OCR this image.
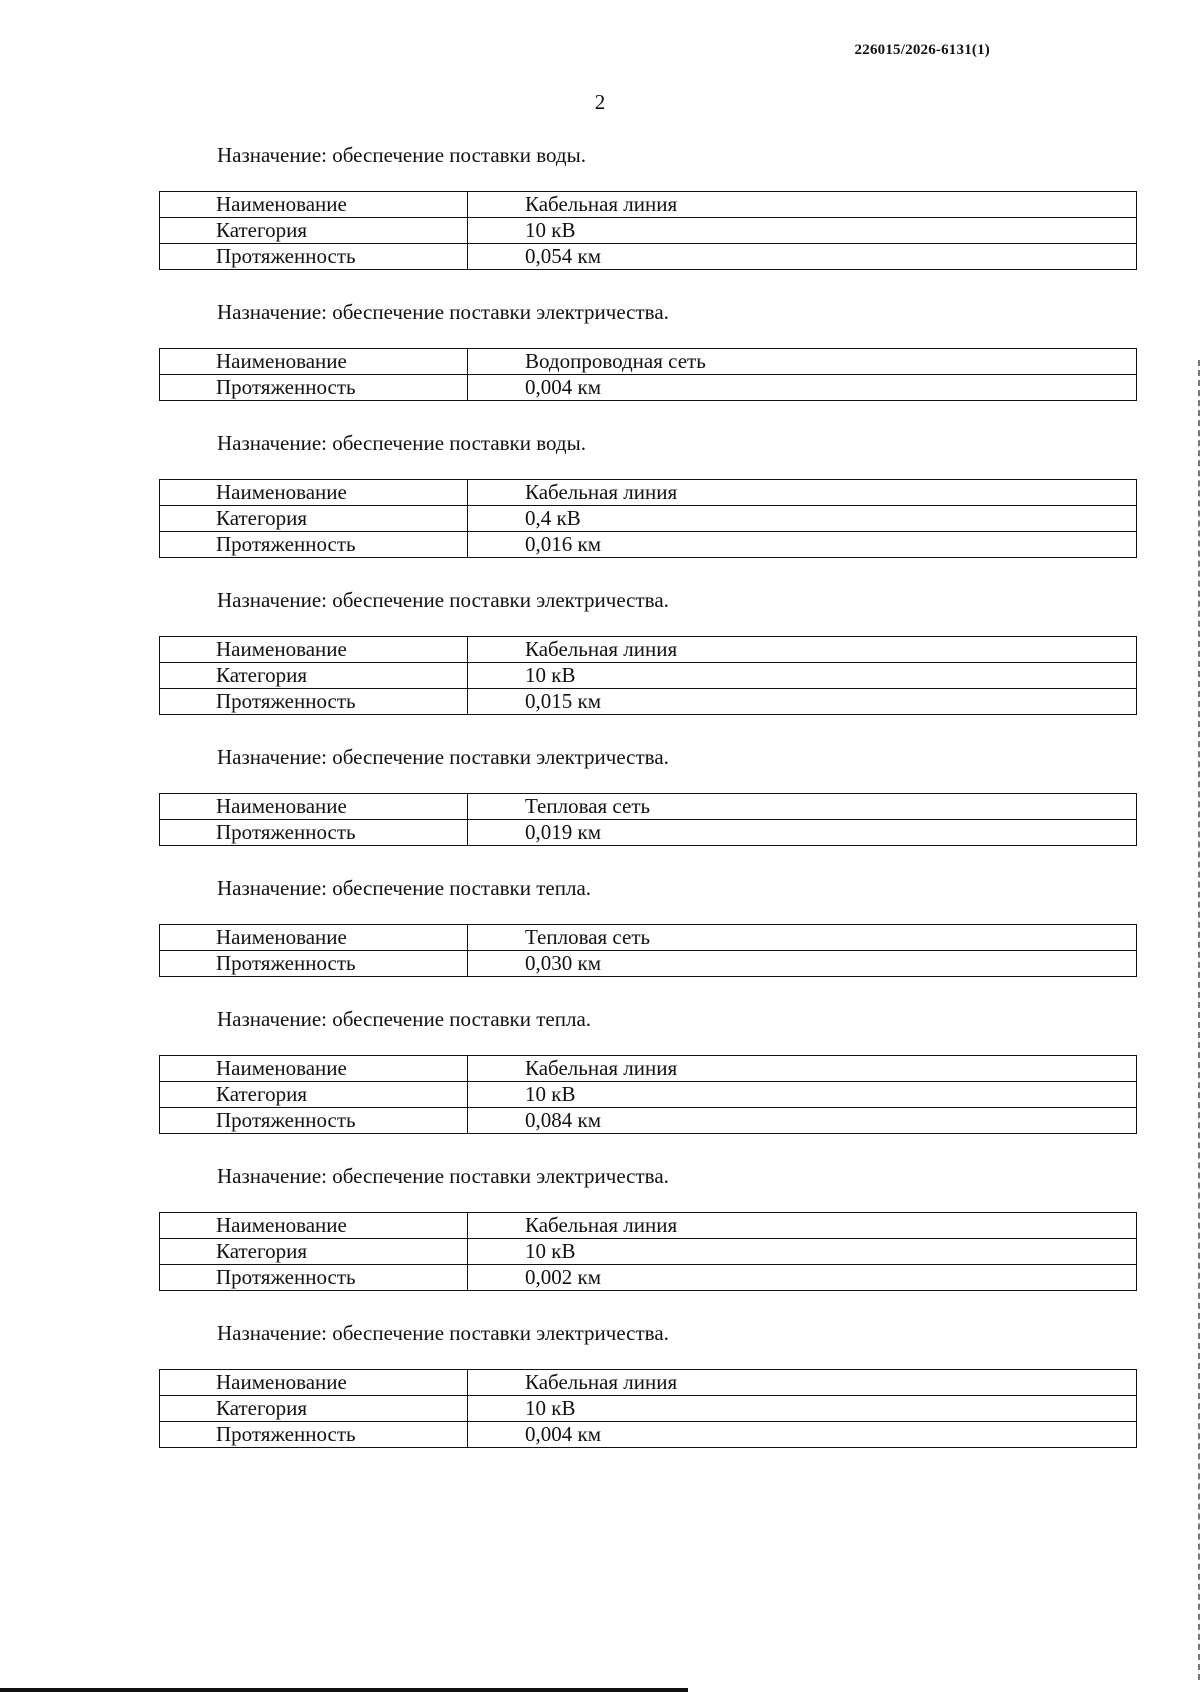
226015/2026-6131(1)
2

Назначение: обеспечение поставки воды.

Наименование	Кабельная линия
Категория	10 кВ
Протяженность	0,054 км

Назначение: обеспечение поставки электричества.

Наименование	Водопроводная сеть
Протяженность	0,004 км

Назначение: обеспечение поставки воды.

Наименование	Кабельная линия
Категория	0,4 кВ
Протяженность	0,016 км

Назначение: обеспечение поставки электричества.

Наименование	Кабельная линия
Категория	10 кВ
Протяженность	0,015 км

Назначение: обеспечение поставки электричества.

Наименование	Тепловая сеть
Протяженность	0,019 км

Назначение: обеспечение поставки тепла.

Наименование	Тепловая сеть
Протяженность	0,030 км

Назначение: обеспечение поставки тепла.

Наименование	Кабельная линия
Категория	10 кВ
Протяженность	0,084 км

Назначение: обеспечение поставки электричества.

Наименование	Кабельная линия
Категория	10 кВ
Протяженность	0,002 км

Назначение: обеспечение поставки электричества.

Наименование	Кабельная линия
Категория	10 кВ
Протяженность	0,004 км
